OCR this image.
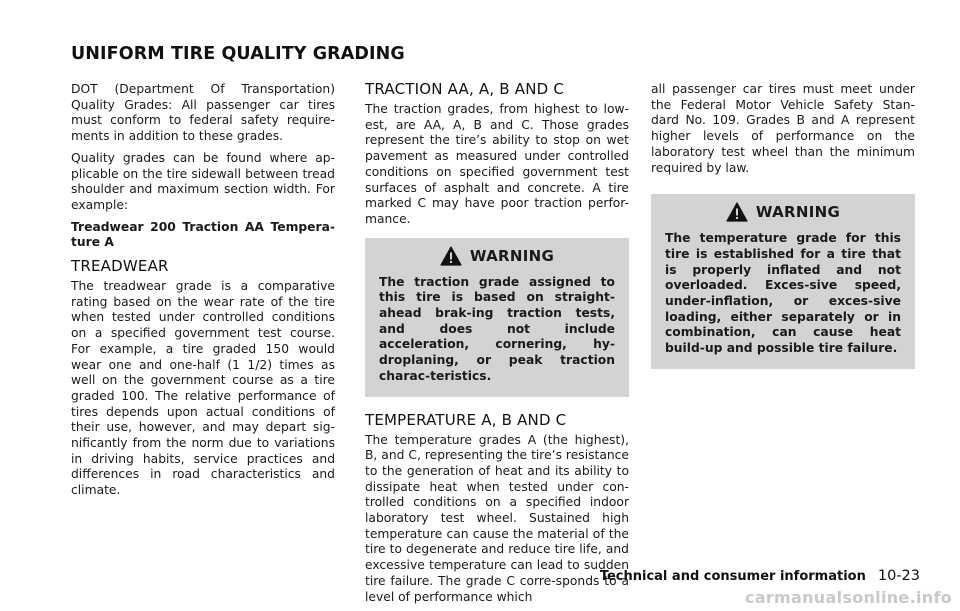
UNIFORM TIRE QUALITY GRADING

DOT (Department Of Transportation) Quality Grades: All passenger car tires must conform to federal safety require-ments in addition to these grades.

Quality grades can be found where ap-plicable on the tire sidewall between tread shoulder and maximum section width. For example:

Treadwear 200 Traction AA Tempera-ture A

TREADWEAR

The treadwear grade is a comparative rating based on the wear rate of the tire when tested under controlled conditions on a specified government test course. For example, a tire graded 150 would wear one and one-half (1 1/2) times as well on the government course as a tire graded 100. The relative performance of tires depends upon actual conditions of their use, however, and may depart sig-nificantly from the norm due to variations in driving habits, service practices and differences in road characteristics and climate.

TRACTION AA, A, B AND C

The traction grades, from highest to low-est, are AA, A, B and C. Those grades represent the tire’s ability to stop on wet pavement as measured under controlled conditions on specified government test surfaces of asphalt and concrete. A tire marked C may have poor traction perfor-mance.

WARNING

The traction grade assigned to this tire is based on straight-ahead brak-ing traction tests, and does not include acceleration, cornering, hy-droplaning, or peak traction charac-teristics.

TEMPERATURE A, B AND C

The temperature grades A (the highest), B, and C, representing the tire’s resistance to the generation of heat and its ability to dissipate heat when tested under con-trolled conditions on a specified indoor laboratory test wheel. Sustained high temperature can cause the material of the tire to degenerate and reduce tire life, and excessive temperature can lead to sudden tire failure. The grade C corre-sponds to a level of performance which

all passenger car tires must meet under the Federal Motor Vehicle Safety Stan-dard No. 109. Grades B and A represent higher levels of performance on the laboratory test wheel than the minimum required by law.

WARNING

The temperature grade for this tire is established for a tire that is properly inflated and not overloaded. Exces-sive speed, under-inflation, or exces-sive loading, either separately or in combination, can cause heat build-up and possible tire failure.

Technical and consumer information 10-23
carmanualsonline.info
